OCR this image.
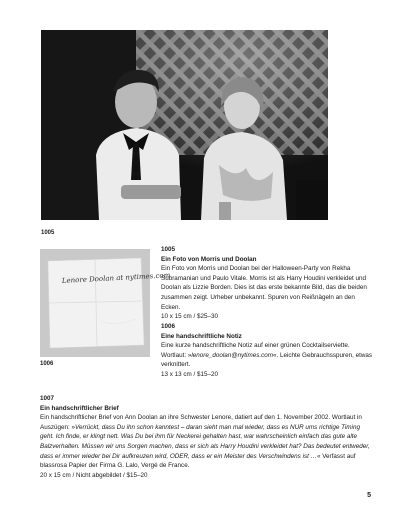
1005
Lenore Doolan at nytimes.com
1006

1005

Ein Foto von Morris und Doolan

Ein Foto von Morris und Doolan bei der Halloween-Party von Rekha Subramanian und Paulo Vitale. Morris ist als Harry Houdini verkleidet und Doolan als Lizzie Borden. Dies ist das erste bekannte Bild, das die beiden zusammen zeigt. Urheber unbekannt. Spuren von Reißnägeln an den Ecken.

10 x 15 cm / $25–30

1006

Eine handschriftliche Notiz

Eine kurze handschriftliche Notiz auf einer grünen Cocktailserviette. Wortlaut: »lenore_doolan@nytimes.com«. Leichte Gebrauchsspuren, etwas verknittert.

13 x 13 cm / $15–20

1007

Ein handschriftlicher Brief

Ein handschriftlicher Brief von Ann Doolan an ihre Schwester Lenore, datiert auf den 1. November 2002. Wortlaut in Auszügen: »Verrückt, dass Du ihn schon kanntest – daran sieht man mal wieder, dass es NUR ums richtige Timing geht. Ich finde, er klingt nett. Was Du bei ihm für Neckerei gehalten hast, war wahrscheinlich einfach das gute alte Balzverhalten. Müssen wir uns Sorgen machen, dass er sich als Harry Houdini verkleidet hat? Das bedeutet entweder, dass er immer wieder bei Dir aufkreuzen wird, ODER, dass er ein Meister des Verschwindens ist …« Verfasst auf blassrosa Papier der Firma G. Lalo, Vergé de France.

20 x 15 cm / Nicht abgebildet / $15–20

5
